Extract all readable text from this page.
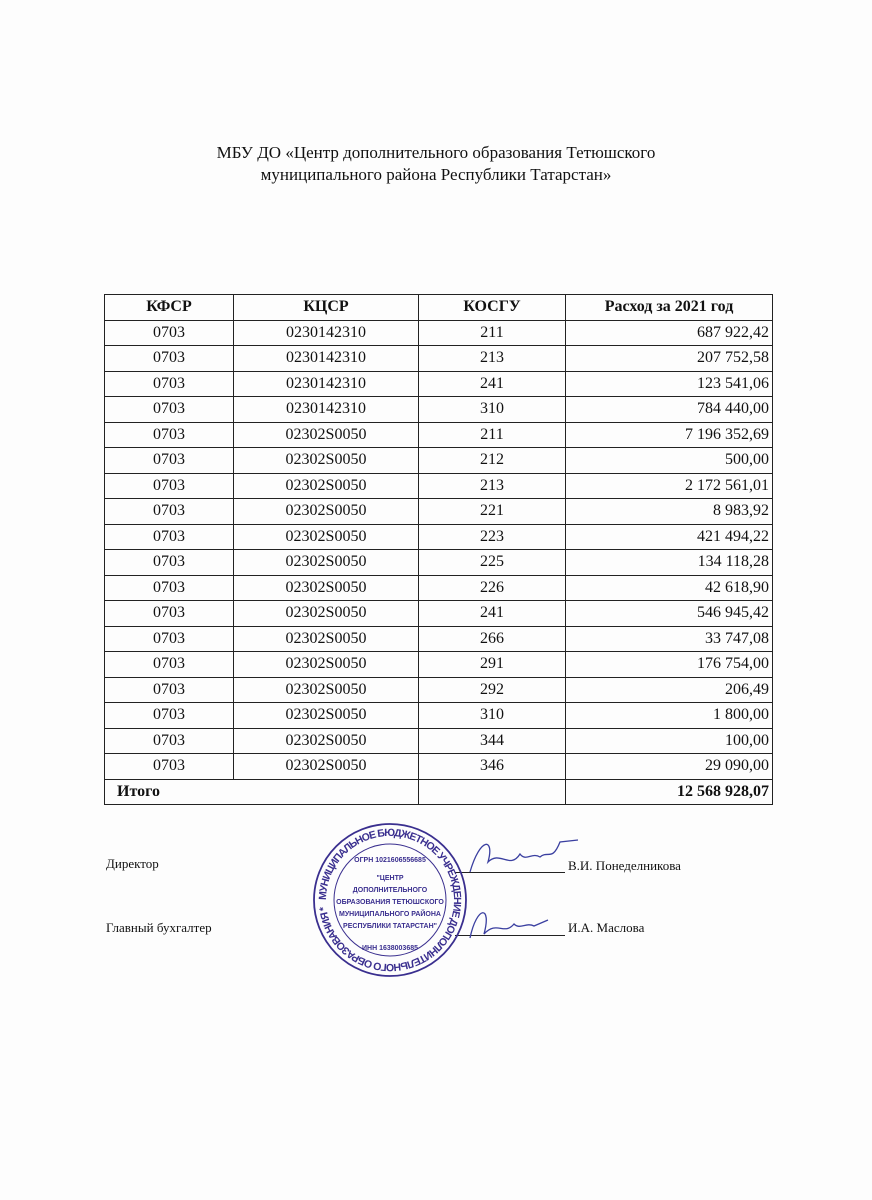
МБУ ДО «Центр дополнительного образования Тетюшского
муниципального района Республики Татарстан»
КФСР	КЦСР	КОСГУ	Расход за 2021 год
0703	0230142310	211	687 922,42
0703	0230142310	213	207 752,58
0703	0230142310	241	123 541,06
0703	0230142310	310	784 440,00
0703	02302S0050	211	7 196 352,69
0703	02302S0050	212	500,00
0703	02302S0050	213	2 172 561,01
0703	02302S0050	221	8 983,92
0703	02302S0050	223	421 494,22
0703	02302S0050	225	134 118,28
0703	02302S0050	226	42 618,90
0703	02302S0050	241	546 945,42
0703	02302S0050	266	33 747,08
0703	02302S0050	291	176 754,00
0703	02302S0050	292	206,49
0703	02302S0050	310	1 800,00
0703	02302S0050	344	100,00
0703	02302S0050	346	29 090,00
Итого			12 568 928,07
Директор	В.И. Понеделникова
Главный бухгалтер	И.А. Маслова
МУНИЦИПАЛЬНОЕ БЮДЖЕТНОЕ УЧРЕЖДЕНИЕ ДОПОЛНИТЕЛЬНОГО ОБРАЗОВАНИЯ *
ОГРН 1021606556685
"ЦЕНТР
ДОПОЛНИТЕЛЬНОГО
ОБРАЗОВАНИЯ ТЕТЮШСКОГО
МУНИЦИПАЛЬНОГО РАЙОНА
РЕСПУБЛИКИ ТАТАРСТАН"
ИНН 1638003685
